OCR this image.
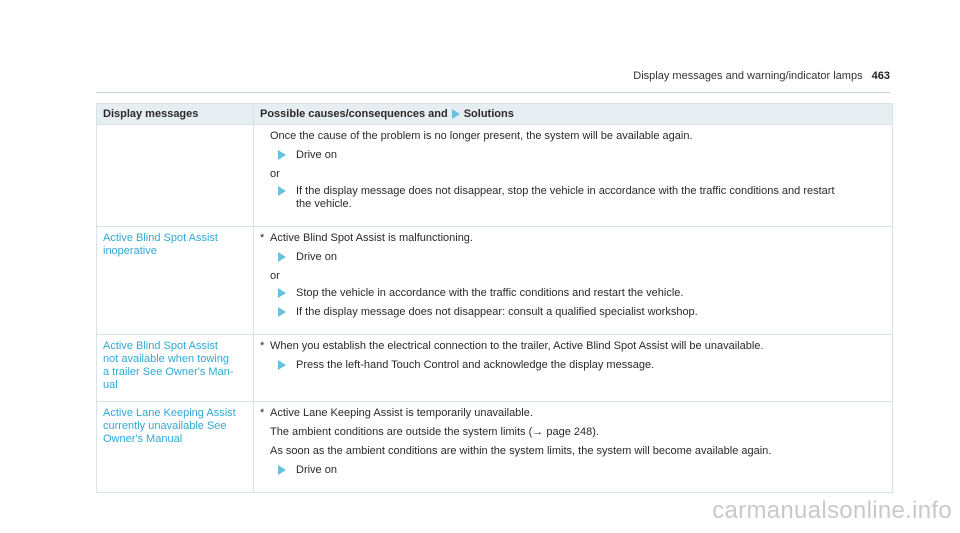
Display messages and warning/indicator lamps 463
Display messages	Possible causes/consequences and Solutions
Once the cause of the problem is no longer present, the system will be available again.
Drive on
or
If the display message does not disappear, stop the vehicle in accordance with the traffic conditions and restart
the vehicle.
Active Blind Spot Assist
inoperative
* Active Blind Spot Assist is malfunctioning.
Drive on
or
Stop the vehicle in accordance with the traffic conditions and restart the vehicle.
If the display message does not disappear: consult a qualified specialist workshop.
Active Blind Spot Assist
not available when towing
a trailer See Owner's Man-
ual
* When you establish the electrical connection to the trailer, Active Blind Spot Assist will be unavailable.
Press the left-hand Touch Control and acknowledge the display message.
Active Lane Keeping Assist
currently unavailable See
Owner's Manual
* Active Lane Keeping Assist is temporarily unavailable.
The ambient conditions are outside the system limits (→ page 248).
As soon as the ambient conditions are within the system limits, the system will become available again.
Drive on
carmanualsonline.info
